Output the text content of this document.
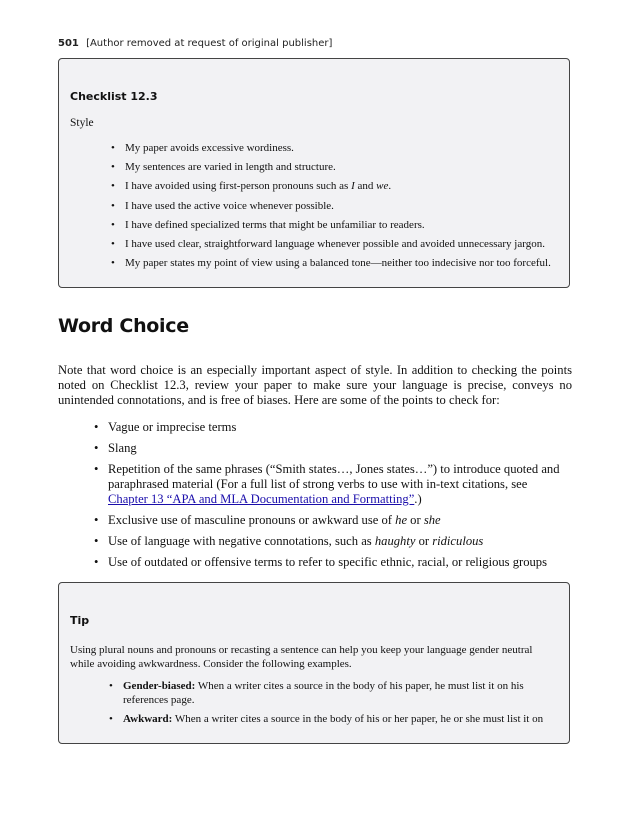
501 [Author removed at request of original publisher]
Checklist 12.3
Style
• My paper avoids excessive wordiness.
• My sentences are varied in length and structure.
• I have avoided using first-person pronouns such as I and we.
• I have used the active voice whenever possible.
• I have defined specialized terms that might be unfamiliar to readers.
• I have used clear, straightforward language whenever possible and avoided unnecessary jargon.
• My paper states my point of view using a balanced tone—neither too indecisive nor too forceful.
Word Choice

Note that word choice is an especially important aspect of style. In addition to checking the points noted on Checklist 12.3, review your paper to make sure your language is precise, conveys no unintended connotations, and is free of biases. Here are some of the points to check for:

• Vague or imprecise terms
• Slang
• Repetition of the same phrases (“Smith states…, Jones states…”) to introduce quoted and paraphrased material (For a full list of strong verbs to use with in-text citations, see Chapter 13 “APA and MLA Documentation and Formatting”.)
• Exclusive use of masculine pronouns or awkward use of he or she
• Use of language with negative connotations, such as haughty or ridiculous
• Use of outdated or offensive terms to refer to specific ethnic, racial, or religious groups
Tip

Using plural nouns and pronouns or recasting a sentence can help you keep your language gender neutral while avoiding awkwardness. Consider the following examples.

• Gender-biased: When a writer cites a source in the body of his paper, he must list it on his references page.
• Awkward: When a writer cites a source in the body of his or her paper, he or she must list it on
